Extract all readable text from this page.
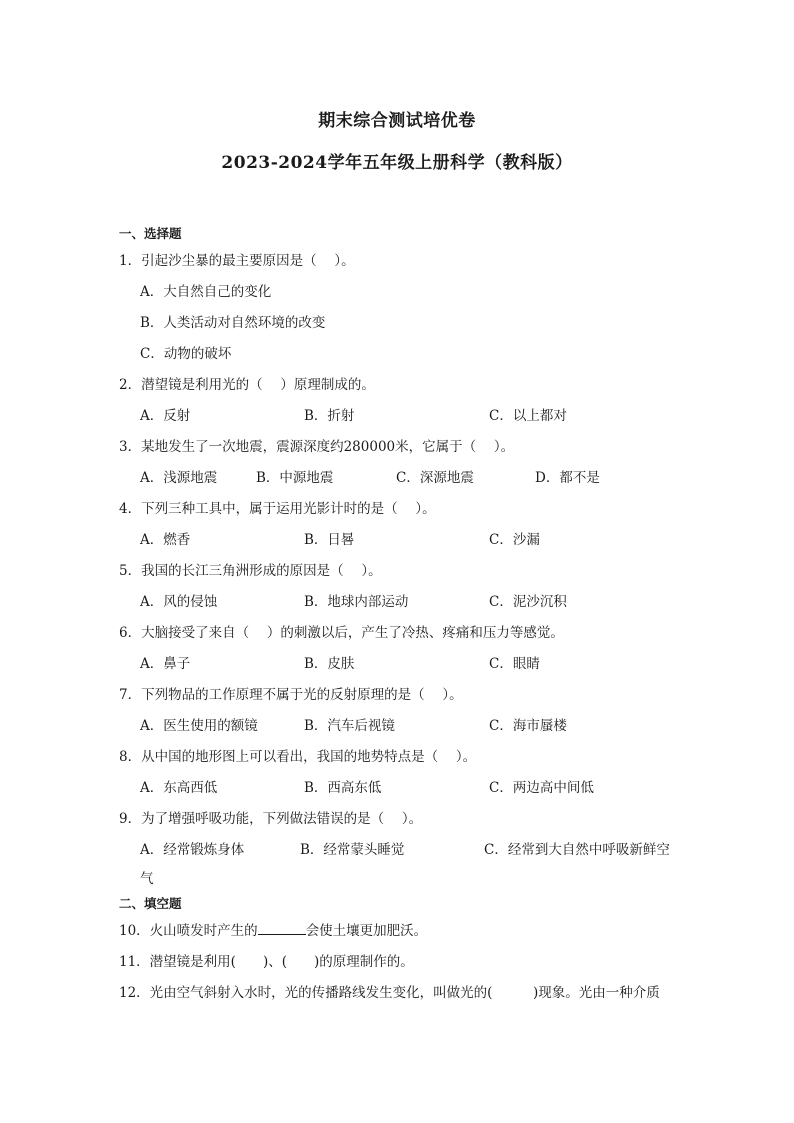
期末综合测试培优卷
2023-2024学年五年级上册科学（教科版）
一、选择题
1．引起沙尘暴的最主要原因是（　 ）。
A．大自然自己的变化
B．人类活动对自然环境的改变
C．动物的破坏
2．潜望镜是利用光的（　 ）原理制成的。
A．反射	B．折射	C．以上都对
3．某地发生了一次地震，震源深度约280000米，它属于（　 ）。
A．浅源地震	B．中源地震	C．深源地震	D．都不是
4．下列三种工具中，属于运用光影计时的是（　 ）。
A．燃香	B．日晷	C．沙漏
5．我国的长江三角洲形成的原因是（　 ）。
A．风的侵蚀	B．地球内部运动	C．泥沙沉积
6．大脑接受了来自（　 ）的刺激以后，产生了冷热、疼痛和压力等感觉。
A．鼻子	B．皮肤	C．眼睛
7．下列物品的工作原理不属于光的反射原理的是（　 ）。
A．医生使用的额镜	B．汽车后视镜	C．海市蜃楼
8．从中国的地形图上可以看出，我国的地势特点是（　 ）。
A．东高西低	B．西高东低	C．两边高中间低
9．为了增强呼吸功能，下列做法错误的是（　 ）。
A．经常锻炼身体	B．经常蒙头睡觉	C．经常到大自然中呼吸新鲜空
气
二、填空题
10．火山喷发时产生的	会使土壤更加肥沃。
11．潜望镜是利用(　　)、(　　)的原理制作的。
12．光由空气斜射入水时，光的传播路线发生变化，叫做光的(　　　)现象。光由一种介质
